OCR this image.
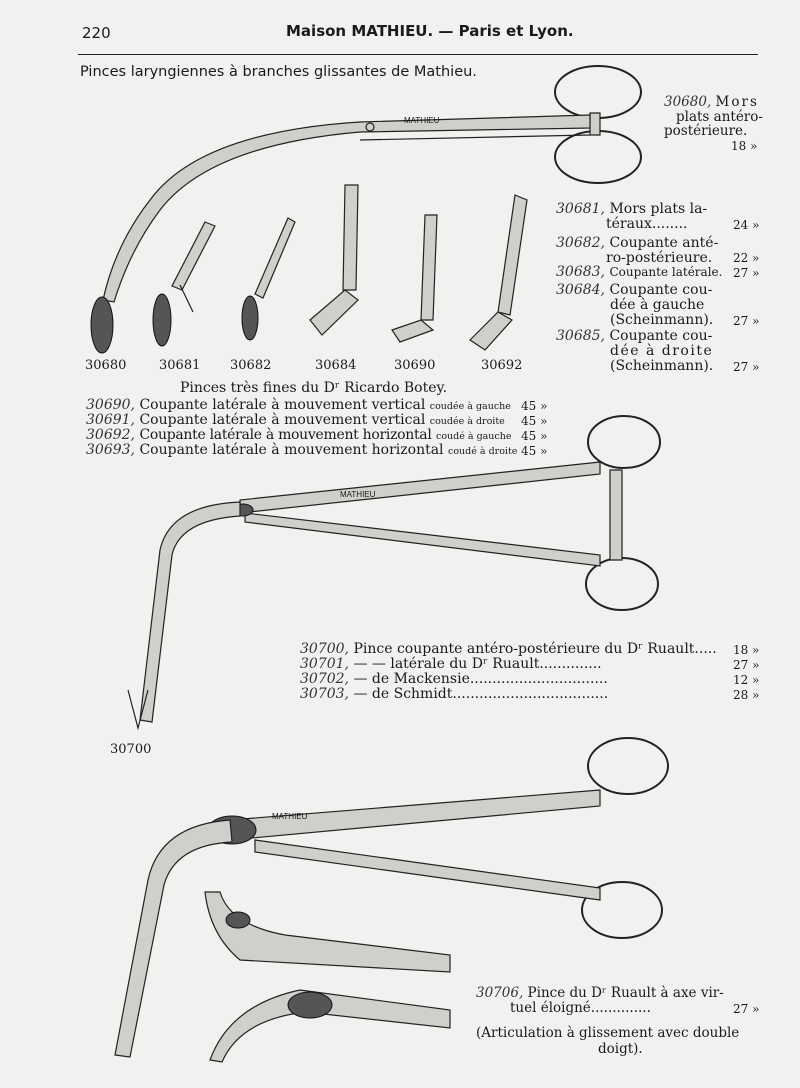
220	Maison MATHIEU. — Paris et Lyon.
MATHIEU
MATHIEU
MATHIEU
Pinces laryngiennes à branches glissantes de Mathieu.
30680, Mors
plats antéro-
postérieure.
18 »
30681, Mors plats la-
téraux........	24 »
30682, Coupante anté-
ro-postérieure. 22 »
30683, Coupante latérale. 27 »
30684, Coupante cou-
dée à gauche
(Scheinmann). 27 »
30685, Coupante cou-
dée à droite
(Scheinmann). 27 »
30680	30681 30682	30684	30690	30692
Pinces très fines du Dʳ Ricardo Botey.
30690, Coupante latérale à mouvement vertical coudée à gauche 45 »
30691, Coupante latérale à mouvement vertical coudée à droite 45 »
30692, Coupante latérale à mouvement horizontal coudé à gauche 45 »
30693, Coupante latérale à mouvement horizontal coudé à droite 45 »
30700, Pince coupante antéro-postérieure du Dʳ Ruault..... 18 »
30701, — — latérale du Dʳ Ruault..............	27 »
30702, — de Mackensie...............................	12 »
30703, — de Schmidt...................................	28 »
30700
30706, Pince du Dʳ Ruault à axe vir-
tuel éloigné..............	27 »
(Articulation à glissement avec double
doigt).
